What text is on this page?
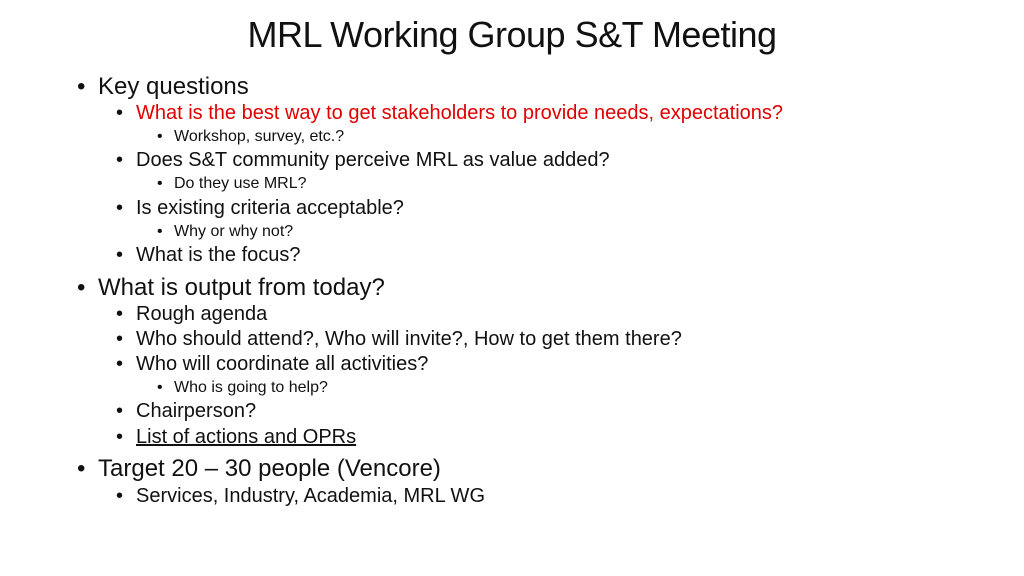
MRL Working Group S&T Meeting
• Key questions
• What is the best way to get stakeholders to provide needs, expectations?
• Workshop, survey, etc.?
• Does S&T community perceive MRL as value added?
• Do they use MRL?
• Is existing criteria acceptable?
• Why or why not?
• What is the focus?
• What is output from today?
• Rough agenda
• Who should attend?, Who will invite?, How to get them there?
• Who will coordinate all activities?
• Who is going to help?
• Chairperson?
• List of actions and OPRs
• Target 20 – 30 people (Vencore)
• Services, Industry, Academia, MRL WG
